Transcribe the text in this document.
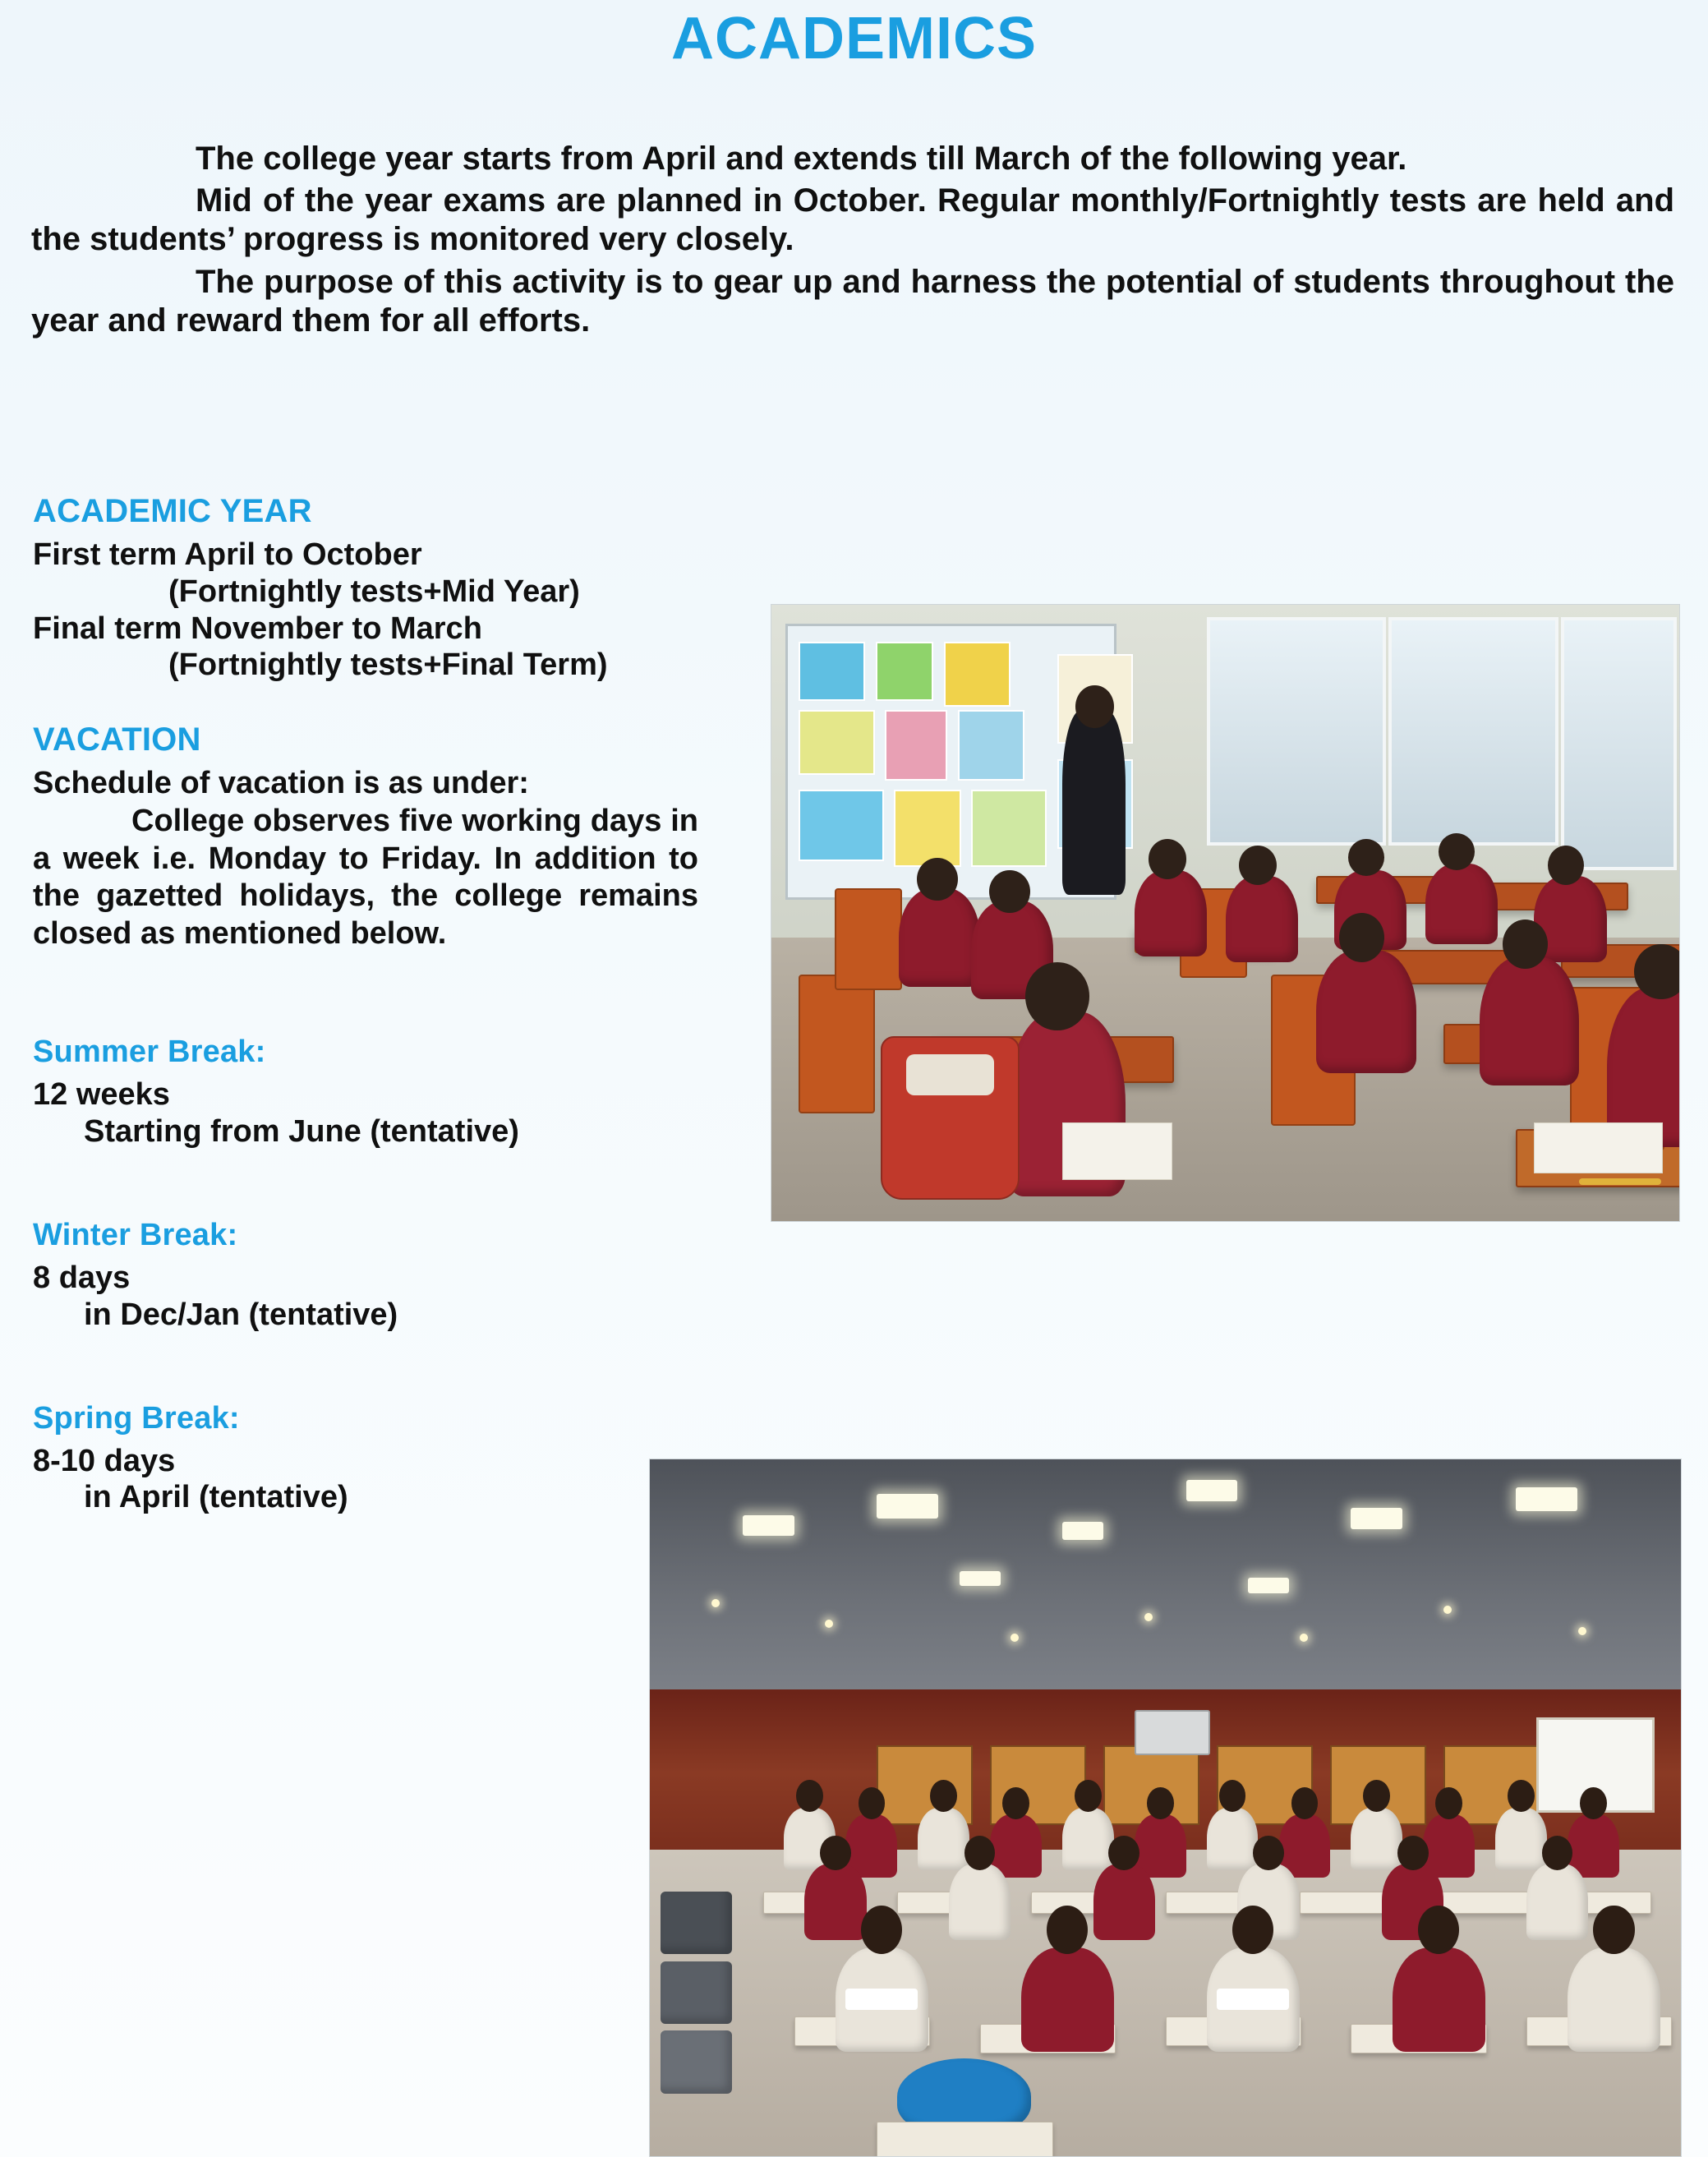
ACADEMICS

The college year starts from April and extends till March of the following year.

Mid of the year exams are planned in October. Regular monthly/Fortnightly tests are held and the students’ progress is monitored very closely.

The purpose of this activity is to gear up and harness the potential of students throughout the year and reward them for all efforts.

ACADEMIC YEAR

First term April to October

(Fortnightly tests+Mid Year)

Final term November to March

(Fortnightly tests+Final Term)

VACATION

Schedule of vacation is as under:

College observes five working days in a week i.e. Monday to Friday. In addition to the gazetted holidays, the college remains closed as mentioned below.

Summer Break:

12 weeks

Starting from June (tentative)

Winter Break:

8 days

in Dec/Jan (tentative)

Spring Break:

8-10 days

in April (tentative)
